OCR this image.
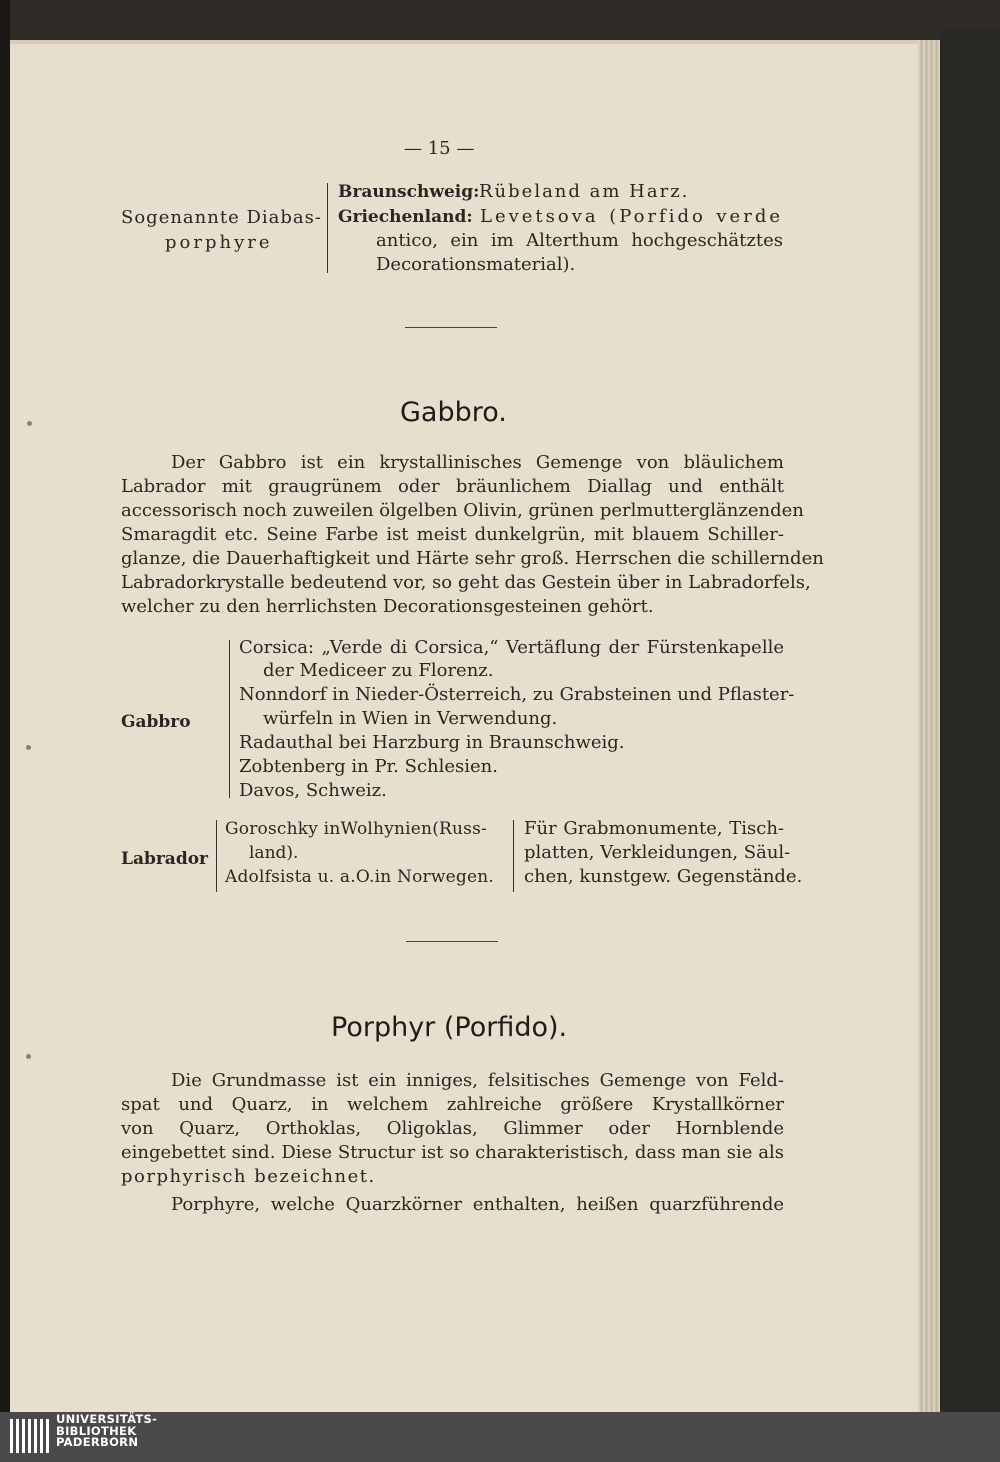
— 15 —
Sogenannte Diabas-
porphyre
Braunschweig: Rübeland am Harz.
Griechenland: Levetsova (Porfido verde
antico, ein im Alterthum hochgeschätztes
Decorationsmaterial).
Gabbro.
Der Gabbro ist ein krystallinisches Gemenge von bläulichem
Labrador mit graugrünem oder bräunlichem Diallag und enthält
accessorisch noch zuweilen ölgelben Olivin, grünen perlmutterglänzenden
Smaragdit etc. Seine Farbe ist meist dunkelgrün, mit blauem Schiller-
glanze, die Dauerhaftigkeit und Härte sehr groß. Herrschen die schillernden
Labradorkrystalle bedeutend vor, so geht das Gestein über in Labradorfels,
welcher zu den herrlichsten Decorationsgesteinen gehört.
Gabbro
Corsica: „Verde di Corsica,“ Vertäflung der Fürstenkapelle
der Mediceer zu Florenz.
Nonndorf in Nieder-Österreich, zu Grabsteinen und Pflaster-
würfeln in Wien in Verwendung.
Radauthal bei Harzburg in Braunschweig.
Zobtenberg in Pr. Schlesien.
Davos, Schweiz.
Labrador
Goroschky inWolhynien(Russ-
land).
Adolfsista u. a.O.in Norwegen.
Für Grabmonumente, Tisch-
platten, Verkleidungen, Säul-
chen, kunstgew. Gegenstände.
Porphyr (Porfido).
Die Grundmasse ist ein inniges, felsitisches Gemenge von Feld-
spat und Quarz, in welchem zahlreiche größere Krystallkörner
von Quarz, Orthoklas, Oligoklas, Glimmer oder Hornblende
eingebettet sind. Diese Structur ist so charakteristisch, dass man sie als
porphyrisch bezeichnet.
Porphyre, welche Quarzkörner enthalten, heißen quarzführende
UNIVERSITÄTS-
BIBLIOTHEK
PADERBORN
